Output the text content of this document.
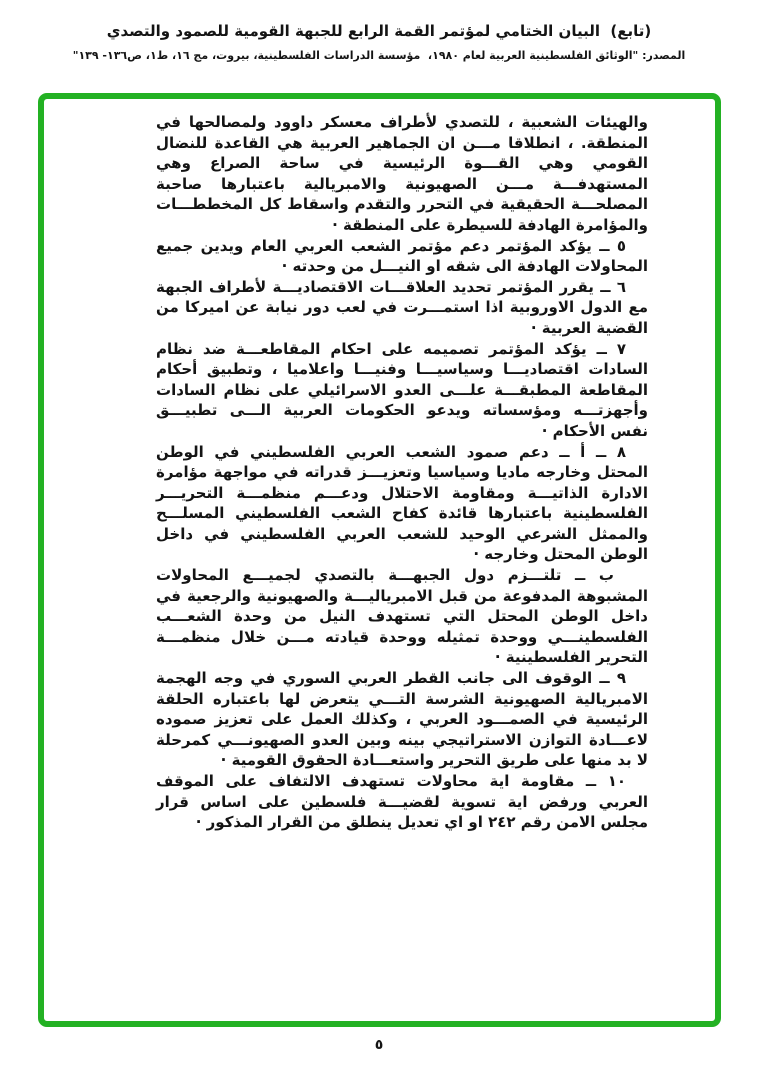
(تابع)  البيان الختامي لمؤتمر القمة الرابع للجبهة القومية للصمود والتصدي

المصدر: "الوثائق الفلسطينية العربية لعام ١٩٨٠،  مؤسسة الدراسات الفلسطينية، بيروت، مج ١٦، ط١، ص١٣٦- ١٣٩"

والهيئات الشعبية ، للتصدي لأطراف معسكر داوود ولمصالحها في المنطقة. ، انطلاقا مـــن ان الجماهير العربية هي القاعدة للنضال القومي وهي القـــوة الرئيسية في ساحة الصراع وهي المستهدفـــة مـــن الصهيونية والامبريالية باعتبارها صاحبة المصلحـــة الحقيقية في التحرر والتقدم واسقاط كل المخططـــات والمؤامرة الهادفة للسيطرة على المنطقة ·

٥ ــ يؤكد المؤتمر دعم مؤتمر الشعب العربي العام ويدين جميع المحاولات الهادفة الى شقه او النيـــل من وحدته ·

٦ ــ يقرر المؤتمر تحديد العلاقـــات الاقتصاديـــة لأطراف الجبهة مع الدول الاوروبية اذا استمـــرت في لعب دور نيابة عن اميركا من القضية العربية ·

٧ ــ يؤكد المؤتمر تصميمه على احكام المقاطعـــة ضد نظام السادات اقتصاديـــا وسياسيـــا وفنيـــا واعلاميا ، وتطبيق أحكام المقاطعة المطبقـــة علـــى العدو الاسرائيلي على نظام السادات وأجهزتـــه ومؤسساته ويدعو الحكومات العربية الـــى تطبيـــق نفس الأحكام ·

٨ ــ أ ــ دعم صمود الشعب العربي الفلسطيني في الوطن المحتل وخارجه ماديا وسياسيا وتعزيـــز قدراته في مواجهة مؤامرة الادارة الذاتيـــة ومقاومة الاحتلال ودعـــم منظمـــة التحريـــر الفلسطينية باعتبارها قائدة كفاح الشعب الفلسطيني المسلـــح والممثل الشرعي الوحيد للشعب العربي الفلسطيني في داخل الوطن المحتل وخارجه ·

ب ــ تلتـــزم دول الجبهـــة بالتصدي لجميـــع المحاولات المشبوهة المدفوعة من قبل الامبرياليـــة والصهيونية والرجعية في داخل الوطن المحتل التي تستهدف النيل من وحدة الشعـــب الفلسطينـــي ووحدة تمثيله ووحدة قيادته مـــن خلال منظمـــة التحرير الفلسطينية ·

٩ ــ الوقوف الى جانب القطر العربي السوري في وجه الهجمة الامبريالية الصهيونية الشرسة التـــي يتعرض لها باعتباره الحلقة الرئيسية في الصمـــود العربي ، وكذلك العمل على تعزيز صموده لاعـــادة التوازن الاستراتيجي بينه وبين العدو الصهيونـــي كمرحلة لا بد منها على طريق التحرير واستعـــادة الحقوق القومية ·

١٠ ــ مقاومة اية محاولات تستهدف الالتفاف على الموقف العربي ورفض اية تسوية لقضيـــة فلسطين على اساس قرار مجلس الامن رقم ٢٤٢ او اي تعديل ينطلق من القرار المذكور ·

٥
